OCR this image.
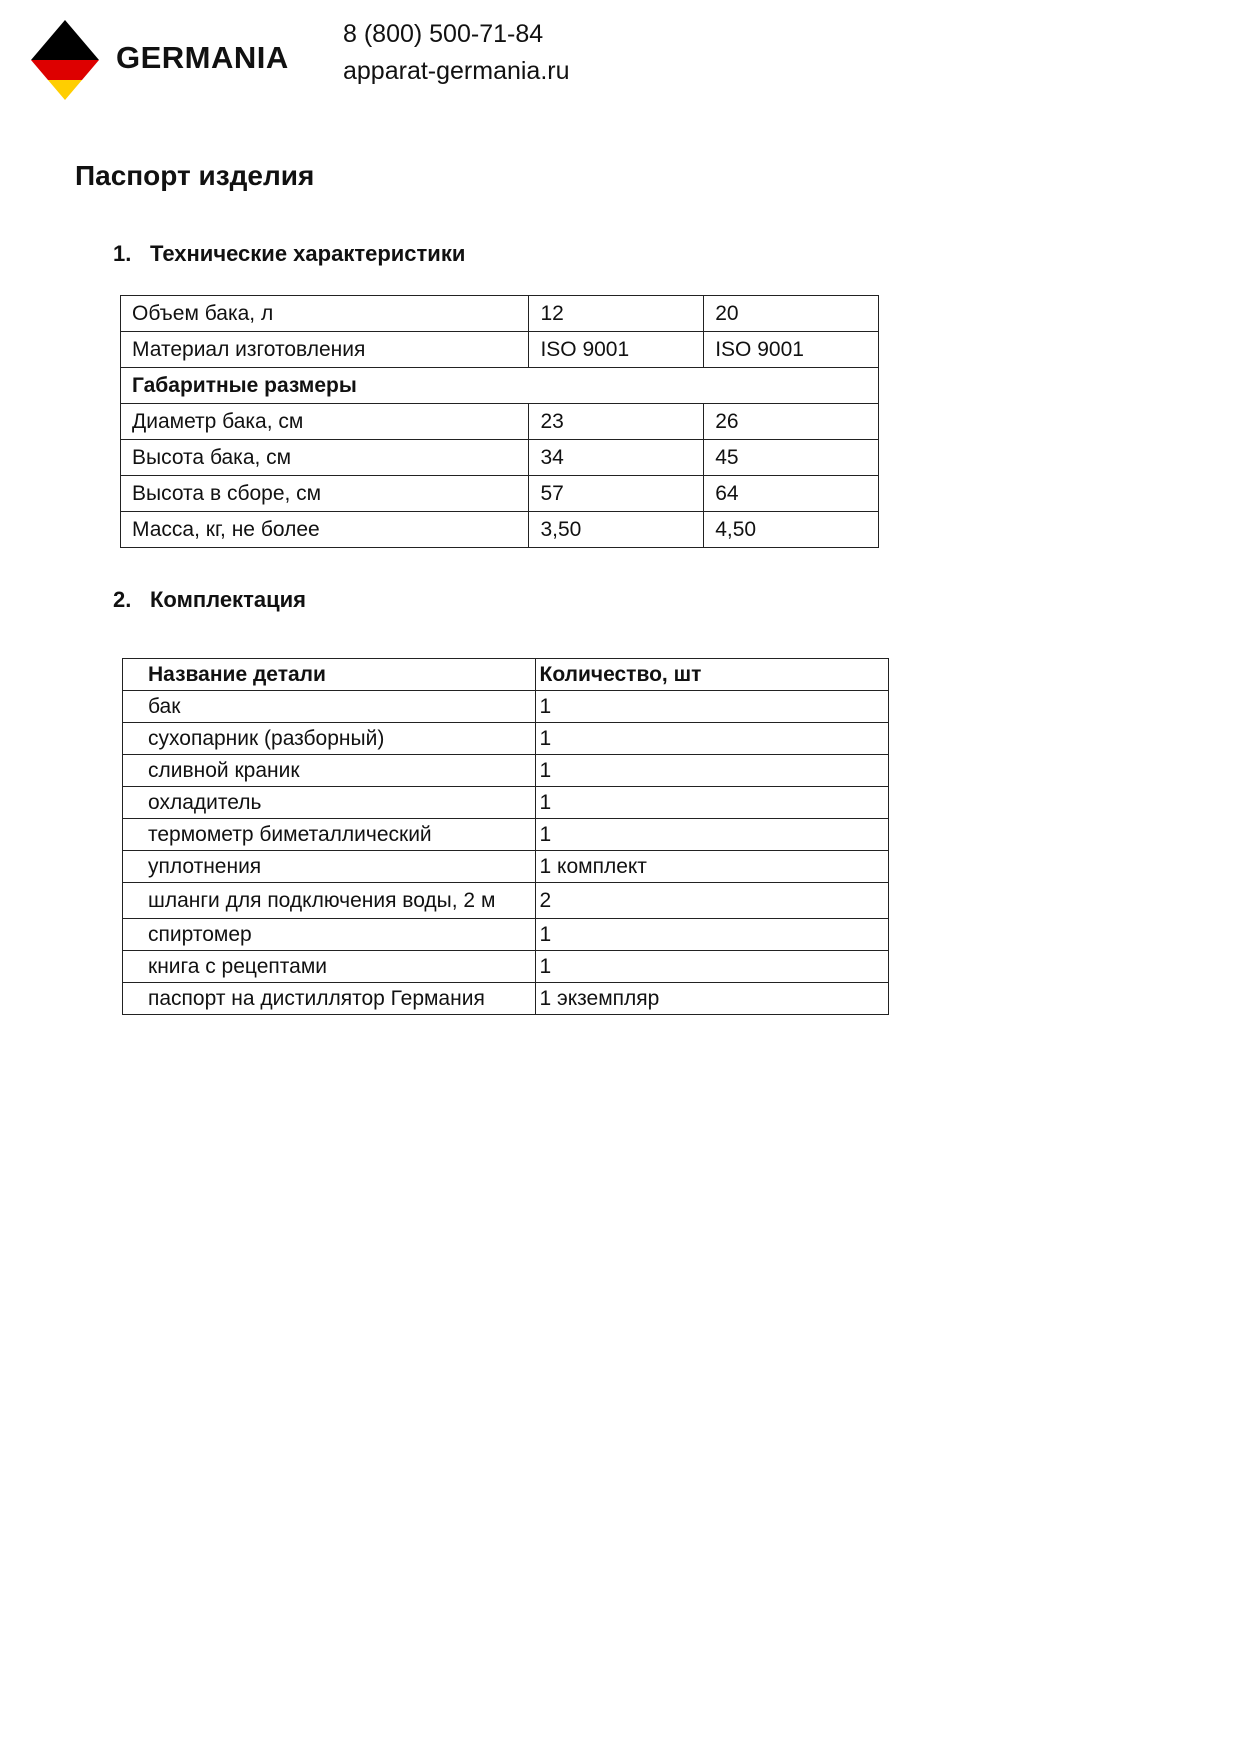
GERMANIA
8 (800) 500-71-84
apparat-germania.ru
Паспорт изделия
1. Технические характеристики
Объем бака, л	12	20
Материал изготовления	ISO 9001	ISO 9001
Габаритные размеры		
Диаметр бака, см	23	26
Высота бака, см	34	45
Высота в сборе, см	57	64
Масса, кг, не более	3,50	4,50
2. Комплектация
Название детали	Количество, шт
бак	1
сухопарник (разборный)	1
сливной краник	1
охладитель	1
термометр биметаллический	1
уплотнения	1 комплект
шланги для подключения воды, 2 м	2
спиртомер	1
книга с рецептами	1
паспорт на дистиллятор Германия	1 экземпляр
